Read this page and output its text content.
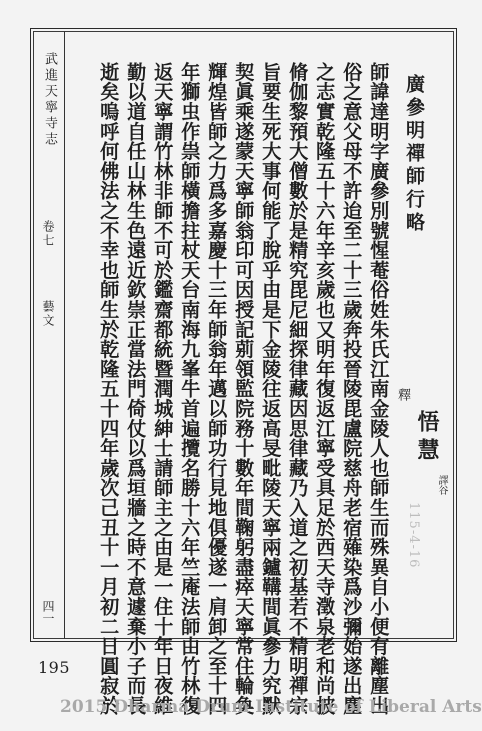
武進天寧寺志
卷七
藝文
四一
廣參明禪師行略
釋
悟慧
譯谷
115-4-16
師諱達明字廣參別號惺菴俗姓朱氏江南金陵人也師生而殊異自小便有離塵出
俗之意父母不許迨至二十三歲奔投晉陵毘盧院慈舟老宿薙染爲沙彌始遂出塵
之志實乾隆五十六年辛亥歲也又明年復返江寧受具足於西天寺澂泉老和尚披
脩伽黎預大僧數於是精究毘尼細探律藏因思律藏乃入道之初基若不精明禪宗
旨要生死大事何能了脫乎由是下金陵往返高旻毗陵天寧兩鑪鞲間眞參力究默
契眞乘遂蒙天寧師翁印可因授記莂領監院務十數年間鞠躬盡瘁天寧常住輪奐
輝煌皆師之力爲多嘉慶十三年師翁年邁以師功行見地俱優遂一肩卸之至十四
年獅虫作祟師橫擔拄杖天台南海九峯牛首遍攬名勝十六年竺庵法師由竹林復
返天寧謂竹林非師不可於鑑齋都統暨潤城紳士請師主之由是一住十年日夜維
勤以道自任山林生色遠近欽崇正當法門倚仗以爲垣牆之時不意遽棄小子而長
逝矣嗚呼何佛法之不幸也師生於乾隆五十四年歲次己丑十一月初二日圓寂於
195
2015 Dharma Drum Institute of Liberal Arts
